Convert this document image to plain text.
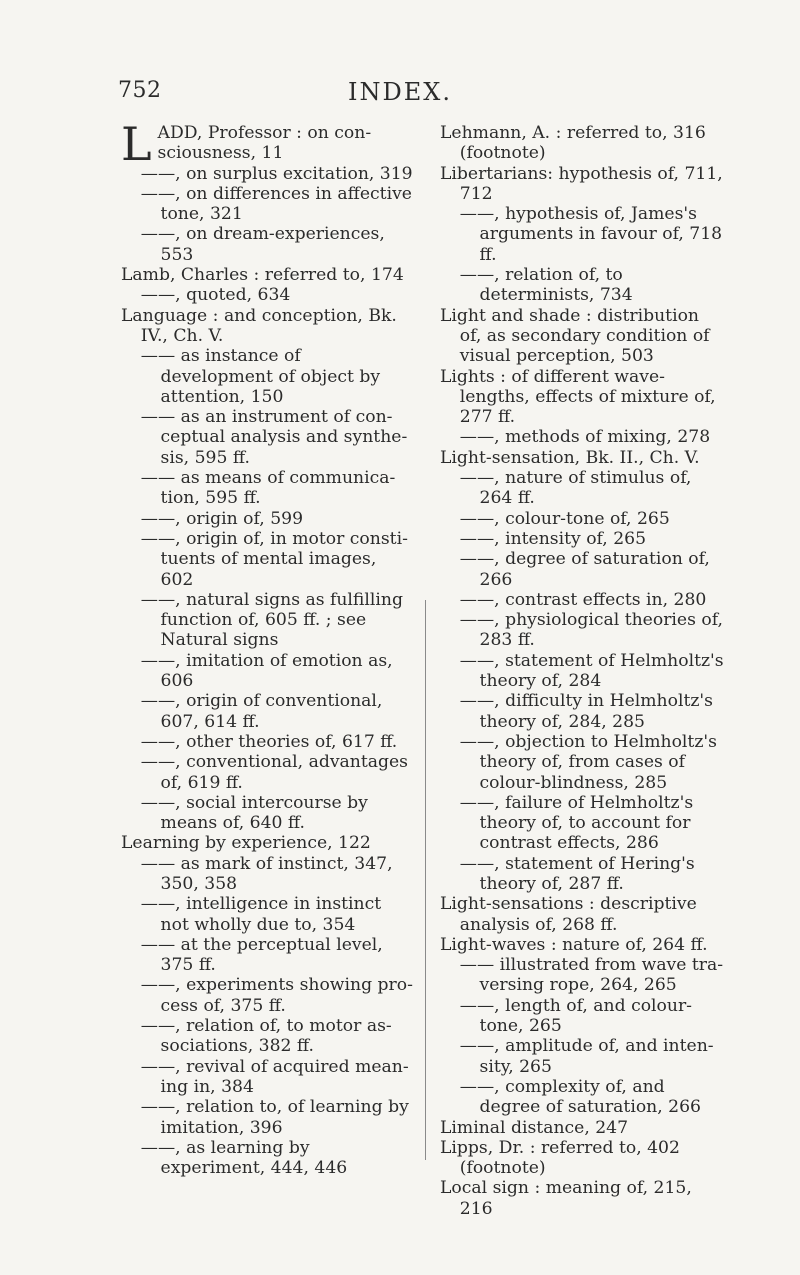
752	INDEX.

LADD, Professor : on consciousness, 11

——, on surplus excitation, 319

——, on differences in affective tone, 321

——, on dream-experiences, 553

Lamb, Charles : referred to, 174

——, quoted, 634

Language : and conception, Bk. IV., Ch. V.

—— as instance of development of object by attention, 150

—— as an instrument of conceptual analysis and synthesis, 595 ff.

—— as means of communication, 595 ff.

——, origin of, 599

——, origin of, in motor constituents of mental images, 602

——, natural signs as fulfilling function of, 605 ff. ; see Natural signs

——, imitation of emotion as, 606

——, origin of conventional, 607, 614 ff.

——, other theories of, 617 ff.

——, conventional, advantages of, 619 ff.

——, social intercourse by means of, 640 ff.

Learning by experience, 122

—— as mark of instinct, 347, 350, 358

——, intelligence in instinct not wholly due to, 354

—— at the perceptual level, 375 ff.

——, experiments showing process of, 375 ff.

——, relation of, to motor associations, 382 ff.

——, revival of acquired meaning in, 384

——, relation to, of learning by imitation, 396

——, as learning by experiment, 444, 446

Lehmann, A. : referred to, 316 (footnote)

Libertarians: hypothesis of, 711, 712

——, hypothesis of, James's arguments in favour of, 718 ff.

——, relation of, to determinists, 734

Light and shade : distribution of, as secondary condition of visual perception, 503

Lights : of different wave-lengths, effects of mixture of, 277 ff.

——, methods of mixing, 278

Light-sensation, Bk. II., Ch. V.

——, nature of stimulus of, 264 ff.

——, colour-tone of, 265

——, intensity of, 265

——, degree of saturation of, 266

——, contrast effects in, 280

——, physiological theories of, 283 ff.

——, statement of Helmholtz's theory of, 284

——, difficulty in Helmholtz's theory of, 284, 285

——, objection to Helmholtz's theory of, from cases of colour-blindness, 285

——, failure of Helmholtz's theory of, to account for contrast effects, 286

——, statement of Hering's theory of, 287 ff.

Light-sensations : descriptive analysis of, 268 ff.

Light-waves : nature of, 264 ff.

—— illustrated from wave traversing rope, 264, 265

——, length of, and colour-tone, 265

——, amplitude of, and intensity, 265

——, complexity of, and degree of saturation, 266

Liminal distance, 247

Lipps, Dr. : referred to, 402 (footnote)

Local sign : meaning of, 215, 216
